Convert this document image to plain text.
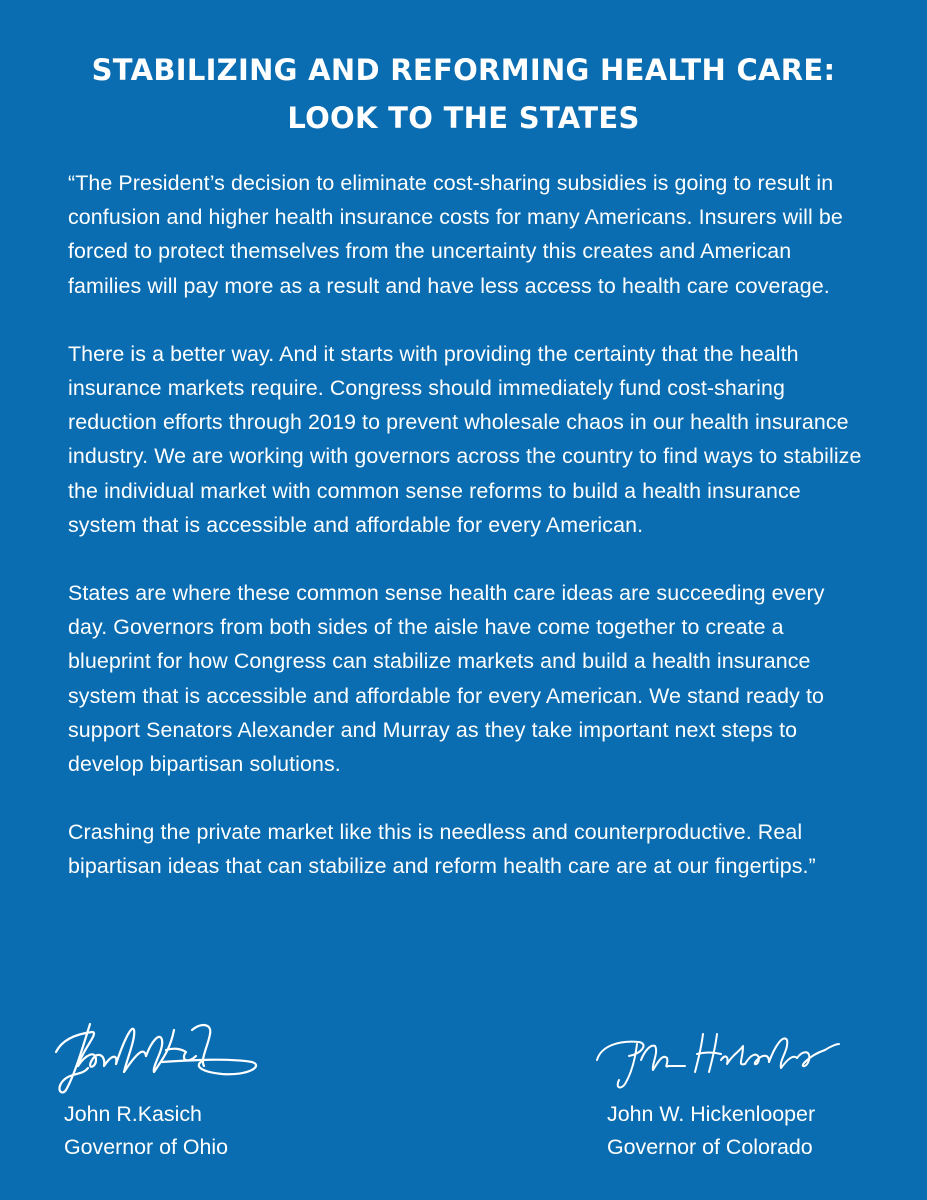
STABILIZING AND REFORMING HEALTH CARE:
LOOK TO THE STATES

“The President’s decision to eliminate cost-sharing subsidies is going to result in confusion and higher health insurance costs for many Americans. Insurers will be forced to protect themselves from the uncertainty this creates and American families will pay more as a result and have less access to health care coverage.

There is a better way. And it starts with providing the certainty that the health insurance markets require. Congress should immediately fund cost-sharing reduction efforts through 2019 to prevent wholesale chaos in our health insurance industry. We are working with governors across the country to find ways to stabilize the individual market with common sense reforms to build a health insurance system that is accessible and affordable for every American.

States are where these common sense health care ideas are succeeding every day. Governors from both sides of the aisle have come together to create a blueprint for how Congress can stabilize markets and build a health insurance system that is accessible and affordable for every American. We stand ready to support Senators Alexander and Murray as they take important next steps to develop bipartisan solutions.

Crashing the private market like this is needless and counterproductive. Real bipartisan ideas that can stabilize and reform health care are at our fingertips.”

John R.Kasich
Governor of Ohio
John W. Hickenlooper
Governor of Colorado
